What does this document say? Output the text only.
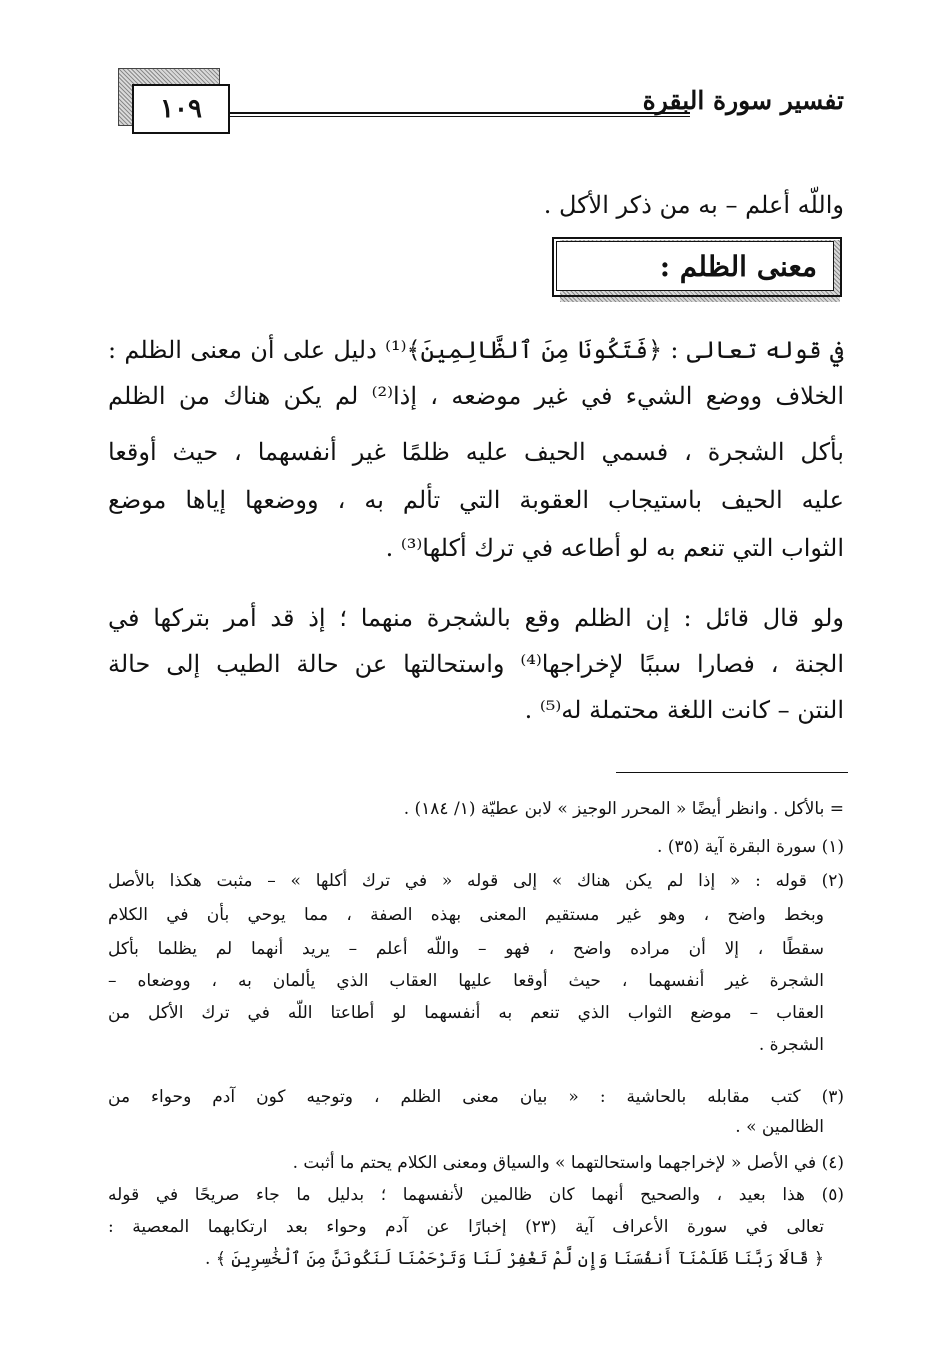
تفسير سورة البقرة
١٠٩
واللّه أعلم – به من ذكر الأكل .
معنى الظلم :
في قوله تعالى : ﴿فَتَكُونَا مِنَ ٱلظَّالِمِينَ﴾⁽¹⁾ دليل على أن معنى الظلم :
الخلاف ووضع الشيء في غير موضعه ، إذا⁽²⁾ لم يكن هناك من الظلم
بأكل الشجرة ، فسمي الحيف عليه ظلمًا غير أنفسهما ، حيث أوقعا
عليه الحيف باستيجاب العقوبة التي تألم به ، ووضعها إياها موضع
الثواب التي تنعم به لو أطاعه في ترك أكلها⁽³⁾ .
ولو قال قائل : إن الظلم وقع بالشجرة منهما ؛ إذ قد أمر بتركها في
الجنة ، فصارا سببًا لإخراجها⁽⁴⁾ واستحالتها عن حالة الطيب إلى حالة
النتن – كانت اللغة محتملة له⁽⁵⁾ .
= بالأكل . وانظر أيضًا « المحرر الوجيز » لابن عطيّة (١/ ١٨٤) .
(١) سورة البقرة آية (٣٥) .
(٢) قوله : « إذا لم يكن هناك » إلى قوله « في ترك أكلها » – مثبت هكذا بالأصل
وبخط واضح ، وهو غير مستقيم المعنى بهذه الصفة ، مما يوحي بأن في الكلام
سقطًا ، إلا أن مراده واضح ، فهو – واللّه أعلم – يريد أنهما لم يظلما بأكل
الشجرة غير أنفسهما ، حيث أوقعا عليها العقاب الذي يألمان به ، ووضعاه –
العقاب – موضع الثواب الذي تنعم به أنفسهما لو أطاعتا اللّه في ترك الأكل من
الشجرة .
(٣) كتب مقابله بالحاشية : « بيان معنى الظلم ، وتوجيه كون آدم وحواء من
الظالمين » .
(٤) في الأصل « لإخراجهما واستحالتهما » والسياق ومعنى الكلام يحتم ما أثبت .
(٥) هذا بعيد ، والصحيح أنهما كان ظالمين لأنفسهما ؛ بدليل ما جاء صريحًا في قوله
تعالى في سورة الأعراف آية (٢٣) إخبارًا عن آدم وحواء بعد ارتكابهما المعصية :
﴿ قَالَا رَبَّنَا ظَلَمْنَآ أَنفُسَنَا وَإِن لَّمْ تَغْفِرْ لَنَا وَتَرْحَمْنَا لَنَكُونَنَّ مِنَ ٱلْخَٰسِرِينَ ﴾ .
